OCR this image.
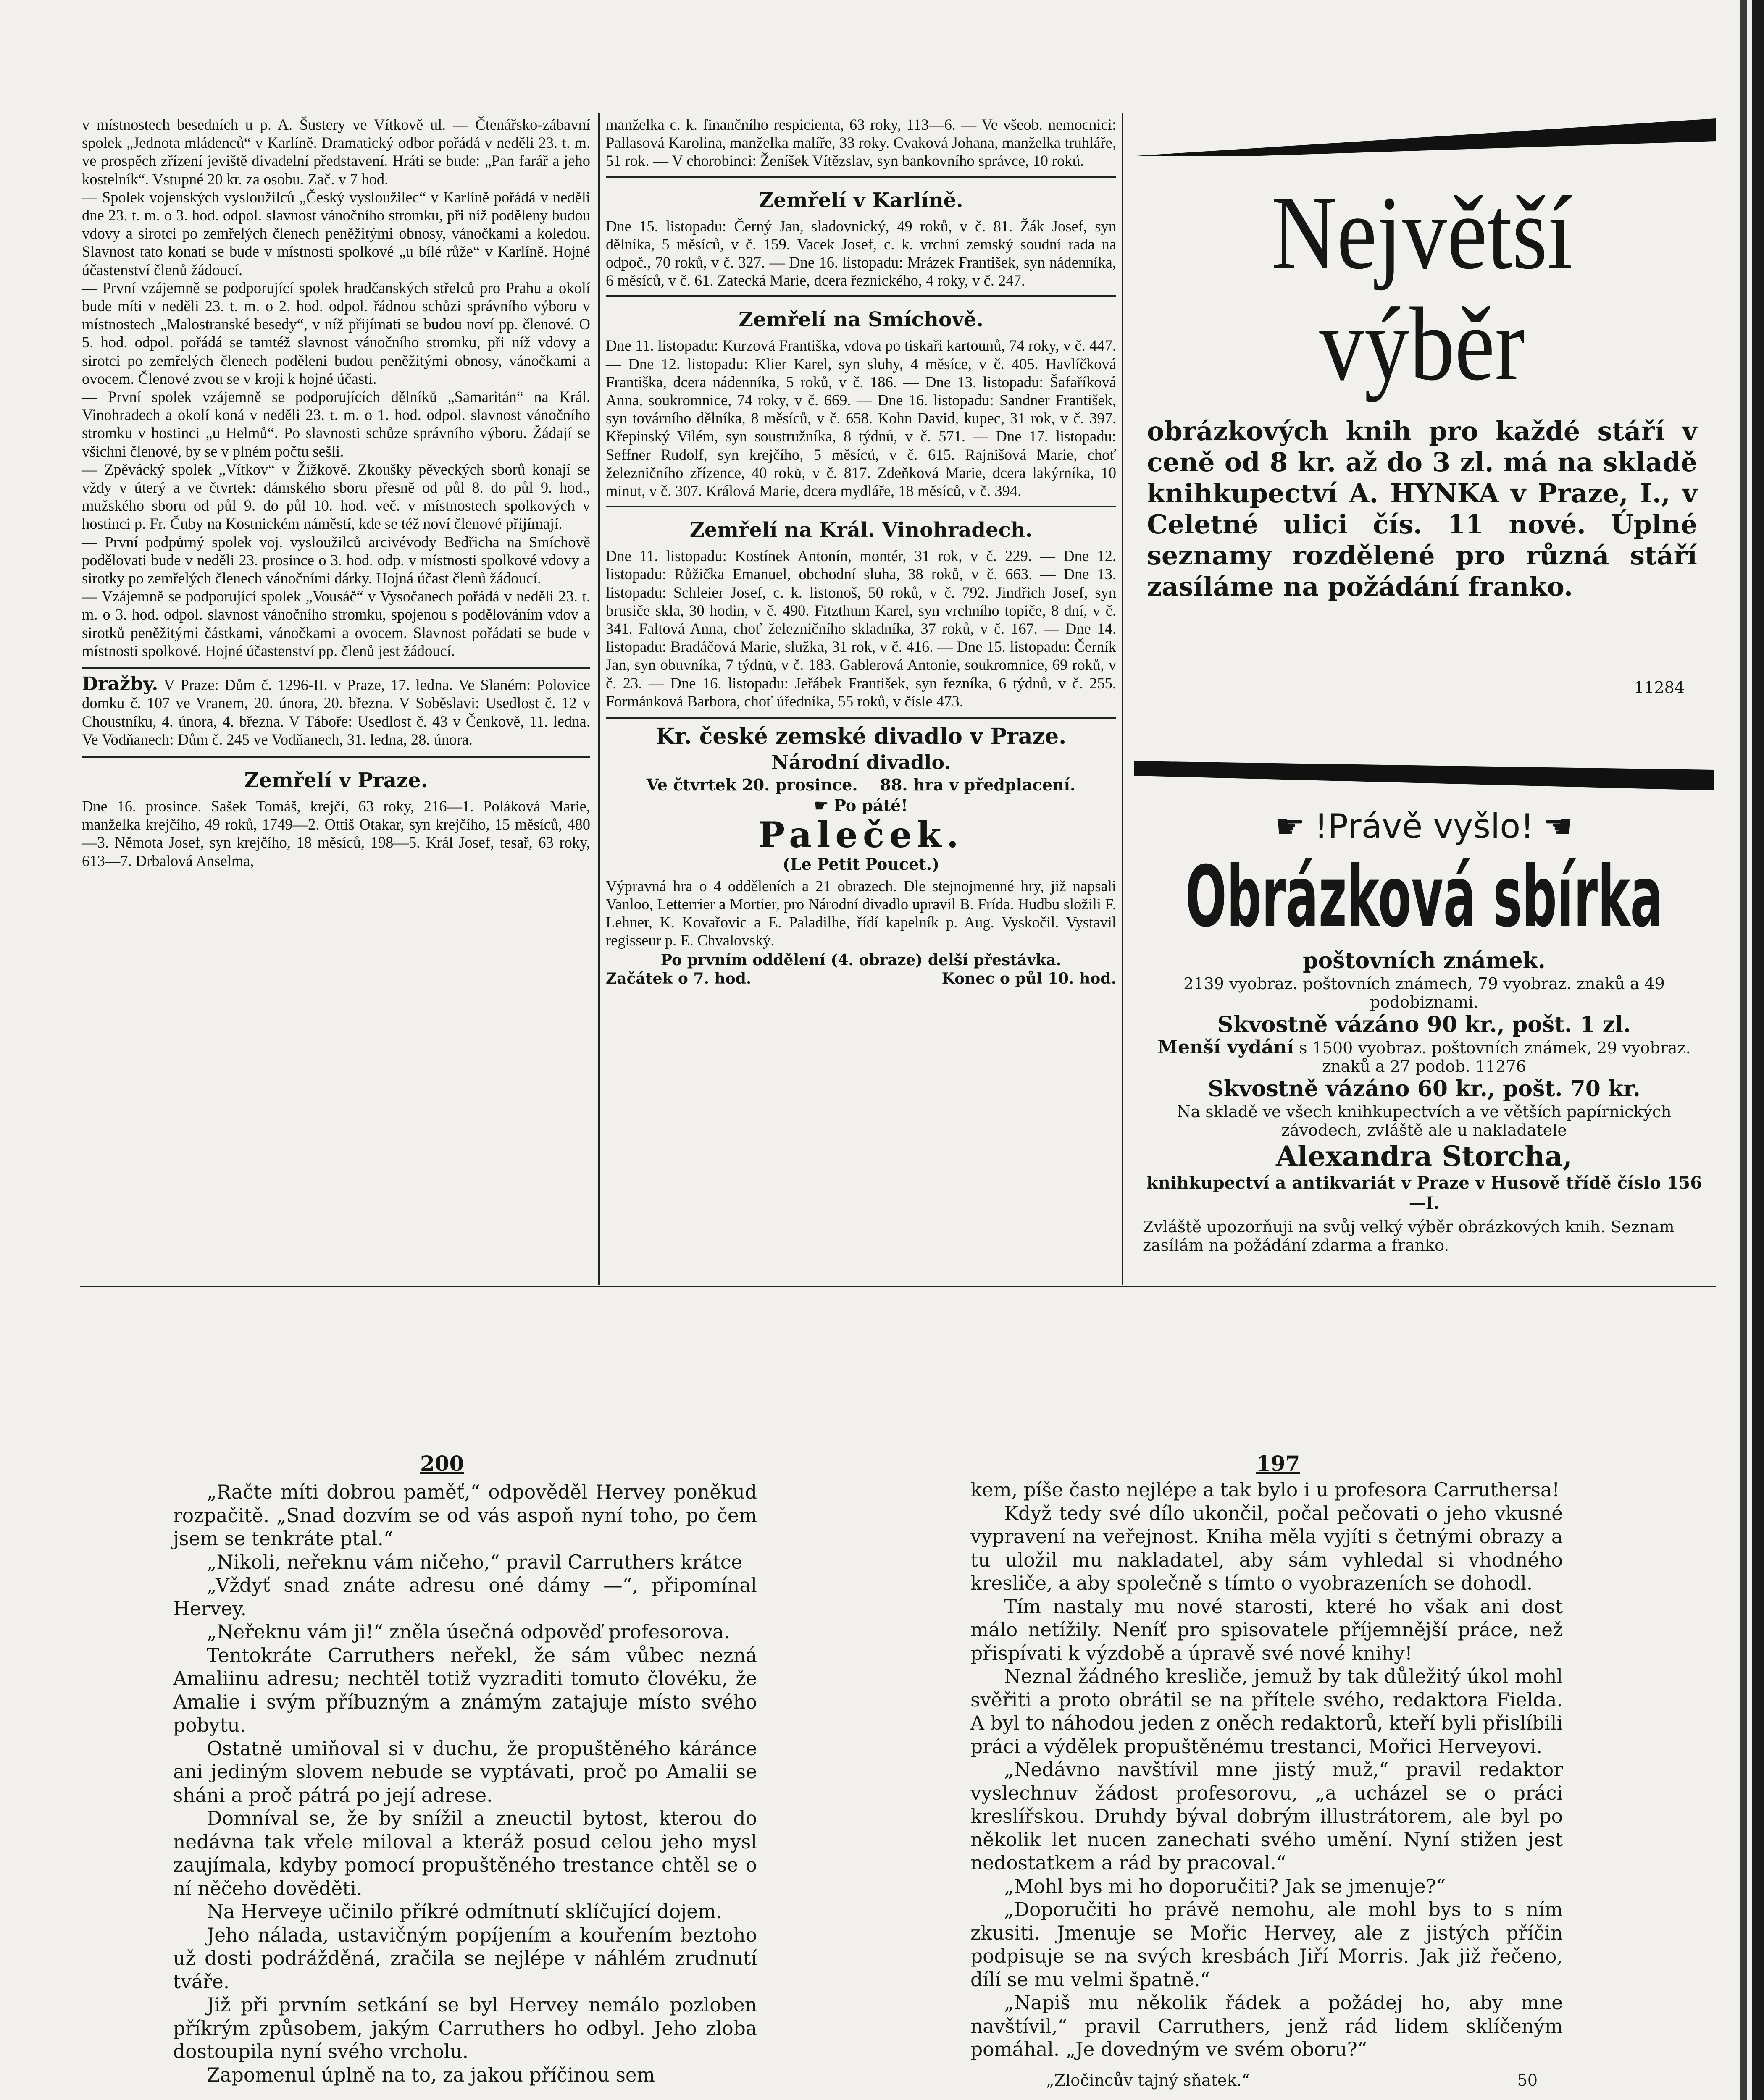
v místnostech besedních u p. A. Šustery ve Vítkově ul. — Čtenářsko-zábavní spolek „Jednota mládenců“ v Karlíně. Dramatický odbor pořádá v neděli 23. t. m. ve prospěch zřízení jeviště divadelní představení. Hráti se bude: „Pan farář a jeho kostelník“. Vstupné 20 kr. za osobu. Zač. v 7 hod.

— Spolek vojenských vysloužilců „Český vysloužilec“ v Karlíně pořádá v neděli dne 23. t. m. o 3. hod. odpol. slavnost vánočního stromku, při níž poděleny budou vdovy a sirotci po zemřelých členech peněžitými obnosy, vánočkami a koledou. Slavnost tato konati se bude v místnosti spolkové „u bílé růže“ v Karlíně. Hojné účastenství členů žádoucí.

— První vzájemně se podporující spolek hradčanských střelců pro Prahu a okolí bude míti v neděli 23. t. m. o 2. hod. odpol. řádnou schůzi správního výboru v místnostech „Malostranské besedy“, v níž přijímati se budou noví pp. členové. O 5. hod. odpol. pořádá se tamtéž slavnost vánočního stromku, při níž vdovy a sirotci po zemřelých členech poděleni budou peněžitými obnosy, vánočkami a ovocem. Členové zvou se v kroji k hojné účasti.

— První spolek vzájemně se podporujících dělníků „Samaritán“ na Král. Vinohradech a okolí koná v neděli 23. t. m. o 1. hod. odpol. slavnost vánočního stromku v hostinci „u Helmů“. Po slavnosti schůze správního výboru. Žádají se všichni členové, by se v plném počtu sešli.

— Zpěvácký spolek „Vítkov“ v Žižkově. Zkoušky pěveckých sborů konají se vždy v úterý a ve čtvrtek: dámského sboru přesně od půl 8. do půl 9. hod., mužského sboru od půl 9. do půl 10. hod. več. v místnostech spolkových v hostinci p. Fr. Čuby na Kostnickém náměstí, kde se též noví členové přijímají.

— První podpůrný spolek voj. vysloužilců arcivévody Bedřicha na Smíchově podělovati bude v neděli 23. prosince o 3. hod. odp. v místnosti spolkové vdovy a sirotky po zemřelých členech vánočními dárky. Hojná účast členů žádoucí.

— Vzájemně se podporující spolek „Vousáč“ v Vysočanech pořádá v neděli 23. t. m. o 3. hod. odpol. slavnost vánočního stromku, spojenou s podělováním vdov a sirotků peněžitými částkami, vánočkami a ovocem. Slavnost pořádati se bude v místnosti spolkové. Hojné účastenství pp. členů jest žádoucí.

Dražby. V Praze: Dům č. 1296-II. v Praze, 17. ledna. Ve Slaném: Polovice domku č. 107 ve Vranem, 20. února, 20. března. V Soběslavi: Usedlost č. 12 v Choustníku, 4. února, 4. března. V Táboře: Usedlost č. 43 v Čenkově, 11. ledna. Ve Vodňanech: Dům č. 245 ve Vodňanech, 31. ledna, 28. února.

Zemřelí v Praze.

Dne 16. prosince. Sašek Tomáš, krejčí, 63 roky, 216—1. Poláková Marie, manželka krejčího, 49 roků, 1749—2. Ottiš Otakar, syn krejčího, 15 měsíců, 480—3. Němota Josef, syn krejčího, 18 měsíců, 198—5. Král Josef, tesař, 63 roky, 613—7. Drbalová Anselma,

manželka c. k. finančního respicienta, 63 roky, 113—6. — Ve všeob. nemocnici: Pallasová Karolina, manželka malíře, 33 roky. Cvaková Johana, manželka truhláře, 51 rok. — V chorobinci: Ženíšek Vítězslav, syn bankovního správce, 10 roků.

Zemřelí v Karlíně.

Dne 15. listopadu: Černý Jan, sladovnický, 49 roků, v č. 81. Žák Josef, syn dělníka, 5 měsíců, v č. 159. Vacek Josef, c. k. vrchní zemský soudní rada na odpoč., 70 roků, v č. 327. — Dne 16. listopadu: Mrázek František, syn nádenníka, 6 měsíců, v č. 61. Zatecká Marie, dcera řeznického, 4 roky, v č. 247.

Zemřelí na Smíchově.

Dne 11. listopadu: Kurzová Františka, vdova po tiskaři kartounů, 74 roky, v č. 447. — Dne 12. listopadu: Klier Karel, syn sluhy, 4 měsíce, v č. 405. Havlíčková Františka, dcera nádenníka, 5 roků, v č. 186. — Dne 13. listopadu: Šafaříková Anna, soukromnice, 74 roky, v č. 669. — Dne 16. listopadu: Sandner František, syn továrního dělníka, 8 měsíců, v č. 658. Kohn David, kupec, 31 rok, v č. 397. Křepinský Vilém, syn soustružníka, 8 týdnů, v č. 571. — Dne 17. listopadu: Seffner Rudolf, syn krejčího, 5 měsíců, v č. 615. Rajnišová Marie, choť železničního zřízence, 40 roků, v č. 817. Zdeňková Marie, dcera lakýrníka, 10 minut, v č. 307. Králová Marie, dcera mydláře, 18 měsíců, v č. 394.

Zemřelí na Král. Vinohradech.

Dne 11. listopadu: Kostínek Antonín, montér, 31 rok, v č. 229. — Dne 12. listopadu: Růžička Emanuel, obchodní sluha, 38 roků, v č. 663. — Dne 13. listopadu: Schleier Josef, c. k. listonoš, 50 roků, v č. 792. Jindřich Josef, syn brusiče skla, 30 hodin, v č. 490. Fitzthum Karel, syn vrchního topiče, 8 dní, v č. 341. Faltová Anna, choť železničního skladníka, 37 roků, v č. 167. — Dne 14. listopadu: Bradáčová Marie, služka, 31 rok, v č. 416. — Dne 15. listopadu: Černík Jan, syn obuvníka, 7 týdnů, v č. 183. Gablerová Antonie, soukromnice, 69 roků, v č. 23. — Dne 16. listopadu: Jeřábek František, syn řezníka, 6 týdnů, v č. 255. Formánková Barbora, choť úředníka, 55 roků, v čísle 473.

Kr. české zemské divadlo v Praze.
Národní divadlo.
Ve čtvrtek 20. prosince.    88. hra v předplacení.
☛ Po páté!
Paleček.
(Le Petit Poucet.)

Výpravná hra o 4 odděleních a 21 obrazech. Dle stejnojmenné hry, již napsali Vanloo, Letterrier a Mortier, pro Národní divadlo upravil B. Frída. Hudbu složili F. Lehner, K. Kovařovic a E. Paladilhe, řídí kapelník p. Aug. Vyskočil. Vystavil regisseur p. E. Chvalovský.

Po prvním oddělení (4. obraze) delší přestávka.
Začátek o 7. hod.	Konec o půl 10. hod.
Největší
výběr
obrázkových knih pro každé stáří v ceně od 8 kr. až do 3 zl. má na skladě knihkupectví A. HYNKA v Praze, I., v Celetné ulici čís. 11 nové. Úplné seznamy rozdělené pro různá stáří zasíláme na požádání franko.
11284
☛ !Právě vyšlo! ☛
Obrázková sbírka
poštovních známek.
2139 vyobraz. poštovních známech, 79 vyobraz. znaků a 49 podobiznami.
Skvostně vázáno 90 kr., pošt. 1 zl.
Menší vydání s 1500 vyobraz. poštovních známek, 29 vyobraz. znaků a 27 podob. 11276
Skvostně vázáno 60 kr., pošt. 70 kr.
Na skladě ve všech knihkupectvích a ve větších papírnických závodech, zvláště ale u nakladatele
Alexandra Storcha,
knihkupectví a antikvariát v Praze v Husově třídě číslo 156—I.
Zvláště upozorňuji na svůj velký výběr obrázkových knih. Seznam zasílám na požádání zdarma a franko.
200	197

„Račte míti dobrou paměť,“ odpověděl Hervey poněkud rozpačitě. „Snad dozvím se od vás aspoň nyní toho, po čem jsem se tenkráte ptal.“

„Nikoli, neřeknu vám ničeho,“ pravil Carruthers krátce

„Vždyť snad znáte adresu oné dámy —“, připomínal Hervey.

„Neřeknu vám ji!“ zněla úsečná odpověď profesorova.

Tentokráte Carruthers neřekl, že sám vůbec nezná Amaliinu adresu; nechtěl totiž vyzraditi tomuto človéku, že Amalie i svým příbuzným a známým zatajuje místo svého pobytu.

Ostatně umiňoval si v duchu, že propuštěného káránce ani jediným slovem nebude se vyptávati, proč po Amalii se sháni a proč pátrá po její adrese.

Domníval se, že by snížil a zneuctil bytost, kterou do nedávna tak vřele miloval a kteráž posud celou jeho mysl zaujímala, kdyby pomocí propuštěného trestance chtěl se o ní něčeho dověděti.

Na Herveye učinilo příkré odmítnutí sklíčující dojem.

Jeho nálada, ustavičným popíjením a kouřením beztoho už dosti podrážděná, zračila se nejlépe v náhlém zrudnutí tváře.

Již při prvním setkání se byl Hervey nemálo pozloben příkrým způsobem, jakým Carruthers ho odbyl. Jeho zloba dostoupila nyní svého vrcholu.

Zapomenul úplně na to, za jakou příčinou sem

kem, píše často nejlépe a tak bylo i u profesora Carruthersa!

Když tedy své dílo ukončil, počal pečovati o jeho vkusné vypravení na veřejnost. Kniha měla vyjíti s četnými obrazy a tu uložil mu nakladatel, aby sám vyhledal si vhodného kresliče, a aby společně s tímto o vyobrazeních se dohodl.

Tím nastaly mu nové starosti, které ho však ani dost málo netížily. Neníť pro spisovatele příjemnější práce, než přispívati k výzdobě a úpravě své nové knihy!

Neznal žádného kresliče, jemuž by tak důležitý úkol mohl svěřiti a proto obrátil se na přítele svého, redaktora Fielda. A byl to náhodou jeden z oněch redaktorů, kteří byli přislíbili práci a výdělek propuštěnému trestanci, Mořici Herveyovi.

„Nedávno navštívil mne jistý muž,“ pravil redaktor vyslechnuv žádost profesorovu, „a ucházel se o práci kreslířskou. Druhdy býval dobrým illustrátorem, ale byl po několik let nucen zanechati svého umění. Nyní stižen jest nedostatkem a rád by pracoval.“

„Mohl bys mi ho doporučiti? Jak se jmenuje?“

„Doporučiti ho právě nemohu, ale mohl bys to s ním zkusiti. Jmenuje se Mořic Hervey, ale z jistých příčin podpisuje se na svých kresbách Jiří Morris. Jak již řečeno, dílí se mu velmi špatně.“

„Napiš mu několik řádek a požádej ho, aby mne navštívil,“ pravil Carruthers, jenž rád lidem sklíčeným pomáhal. „Je dovedným ve svém oboru?“

„Zločincův tajný sňatek.“	50
